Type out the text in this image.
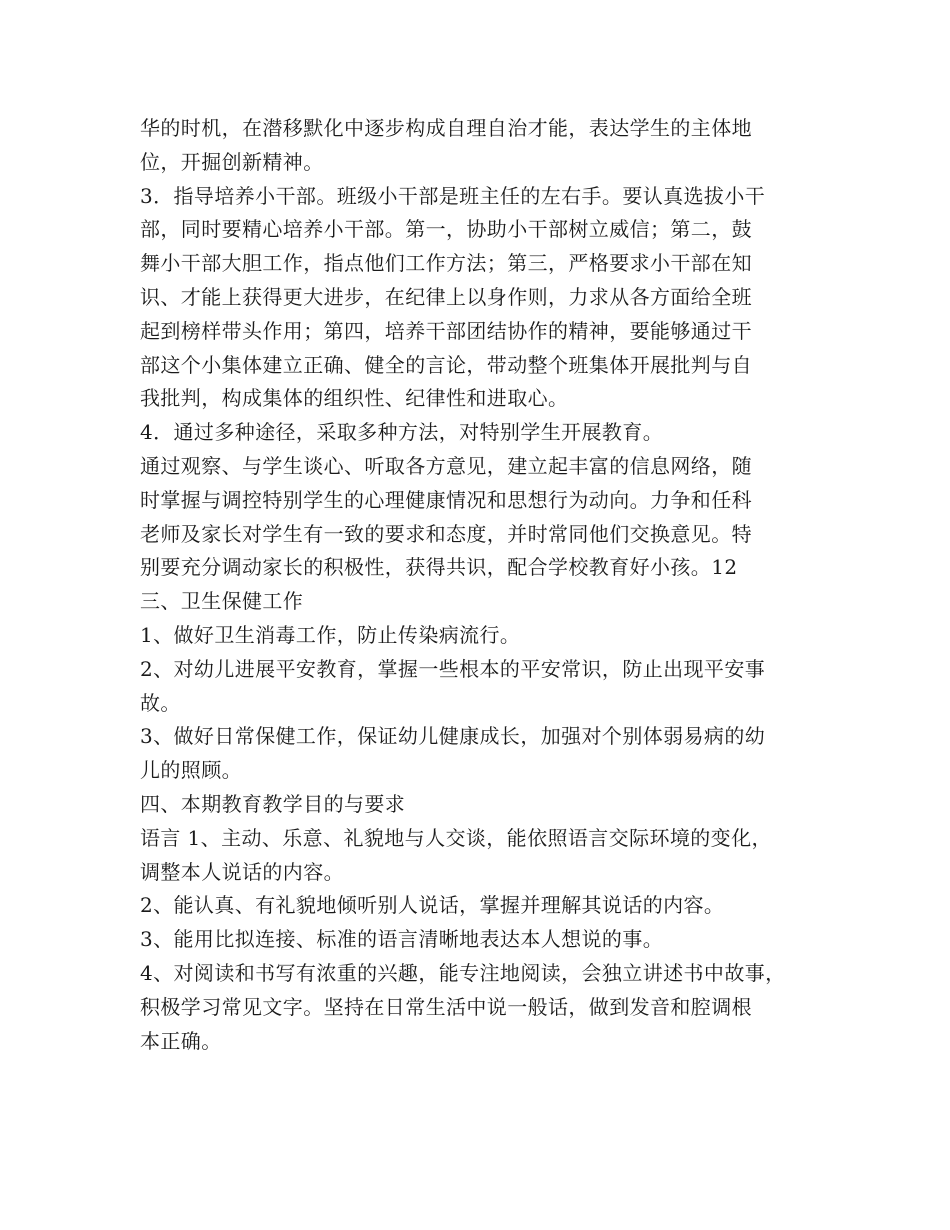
华的时机，在潜移默化中逐步构成自理自治才能，表达学生的主体地
位，开掘创新精神。
3．指导培养小干部。班级小干部是班主任的左右手。要认真选拔小干
部，同时要精心培养小干部。第一，协助小干部树立威信；第二，鼓
舞小干部大胆工作，指点他们工作方法；第三，严格要求小干部在知
识、才能上获得更大进步，在纪律上以身作则，力求从各方面给全班
起到榜样带头作用；第四，培养干部团结协作的精神，要能够通过干
部这个小集体建立正确、健全的言论，带动整个班集体开展批判与自
我批判，构成集体的组织性、纪律性和进取心。
4．通过多种途径，采取多种方法，对特别学生开展教育。
通过观察、与学生谈心、听取各方意见，建立起丰富的信息网络，随
时掌握与调控特别学生的心理健康情况和思想行为动向。力争和任科
老师及家长对学生有一致的要求和态度，并时常同他们交换意见。特
别要充分调动家长的积极性，获得共识，配合学校教育好小孩。12
三、卫生保健工作
1、做好卫生消毒工作，防止传染病流行。
2、对幼儿进展平安教育，掌握一些根本的平安常识，防止出现平安事
故。
3、做好日常保健工作，保证幼儿健康成长，加强对个别体弱易病的幼
儿的照顾。
四、本期教育教学目的与要求
语言 1、主动、乐意、礼貌地与人交谈，能依照语言交际环境的变化，
调整本人说话的内容。
2、能认真、有礼貌地倾听别人说话，掌握并理解其说话的内容。
3、能用比拟连接、标准的语言清晰地表达本人想说的事。
4、对阅读和书写有浓重的兴趣，能专注地阅读，会独立讲述书中故事，
积极学习常见文字。坚持在日常生活中说一般话，做到发音和腔调根
本正确。
